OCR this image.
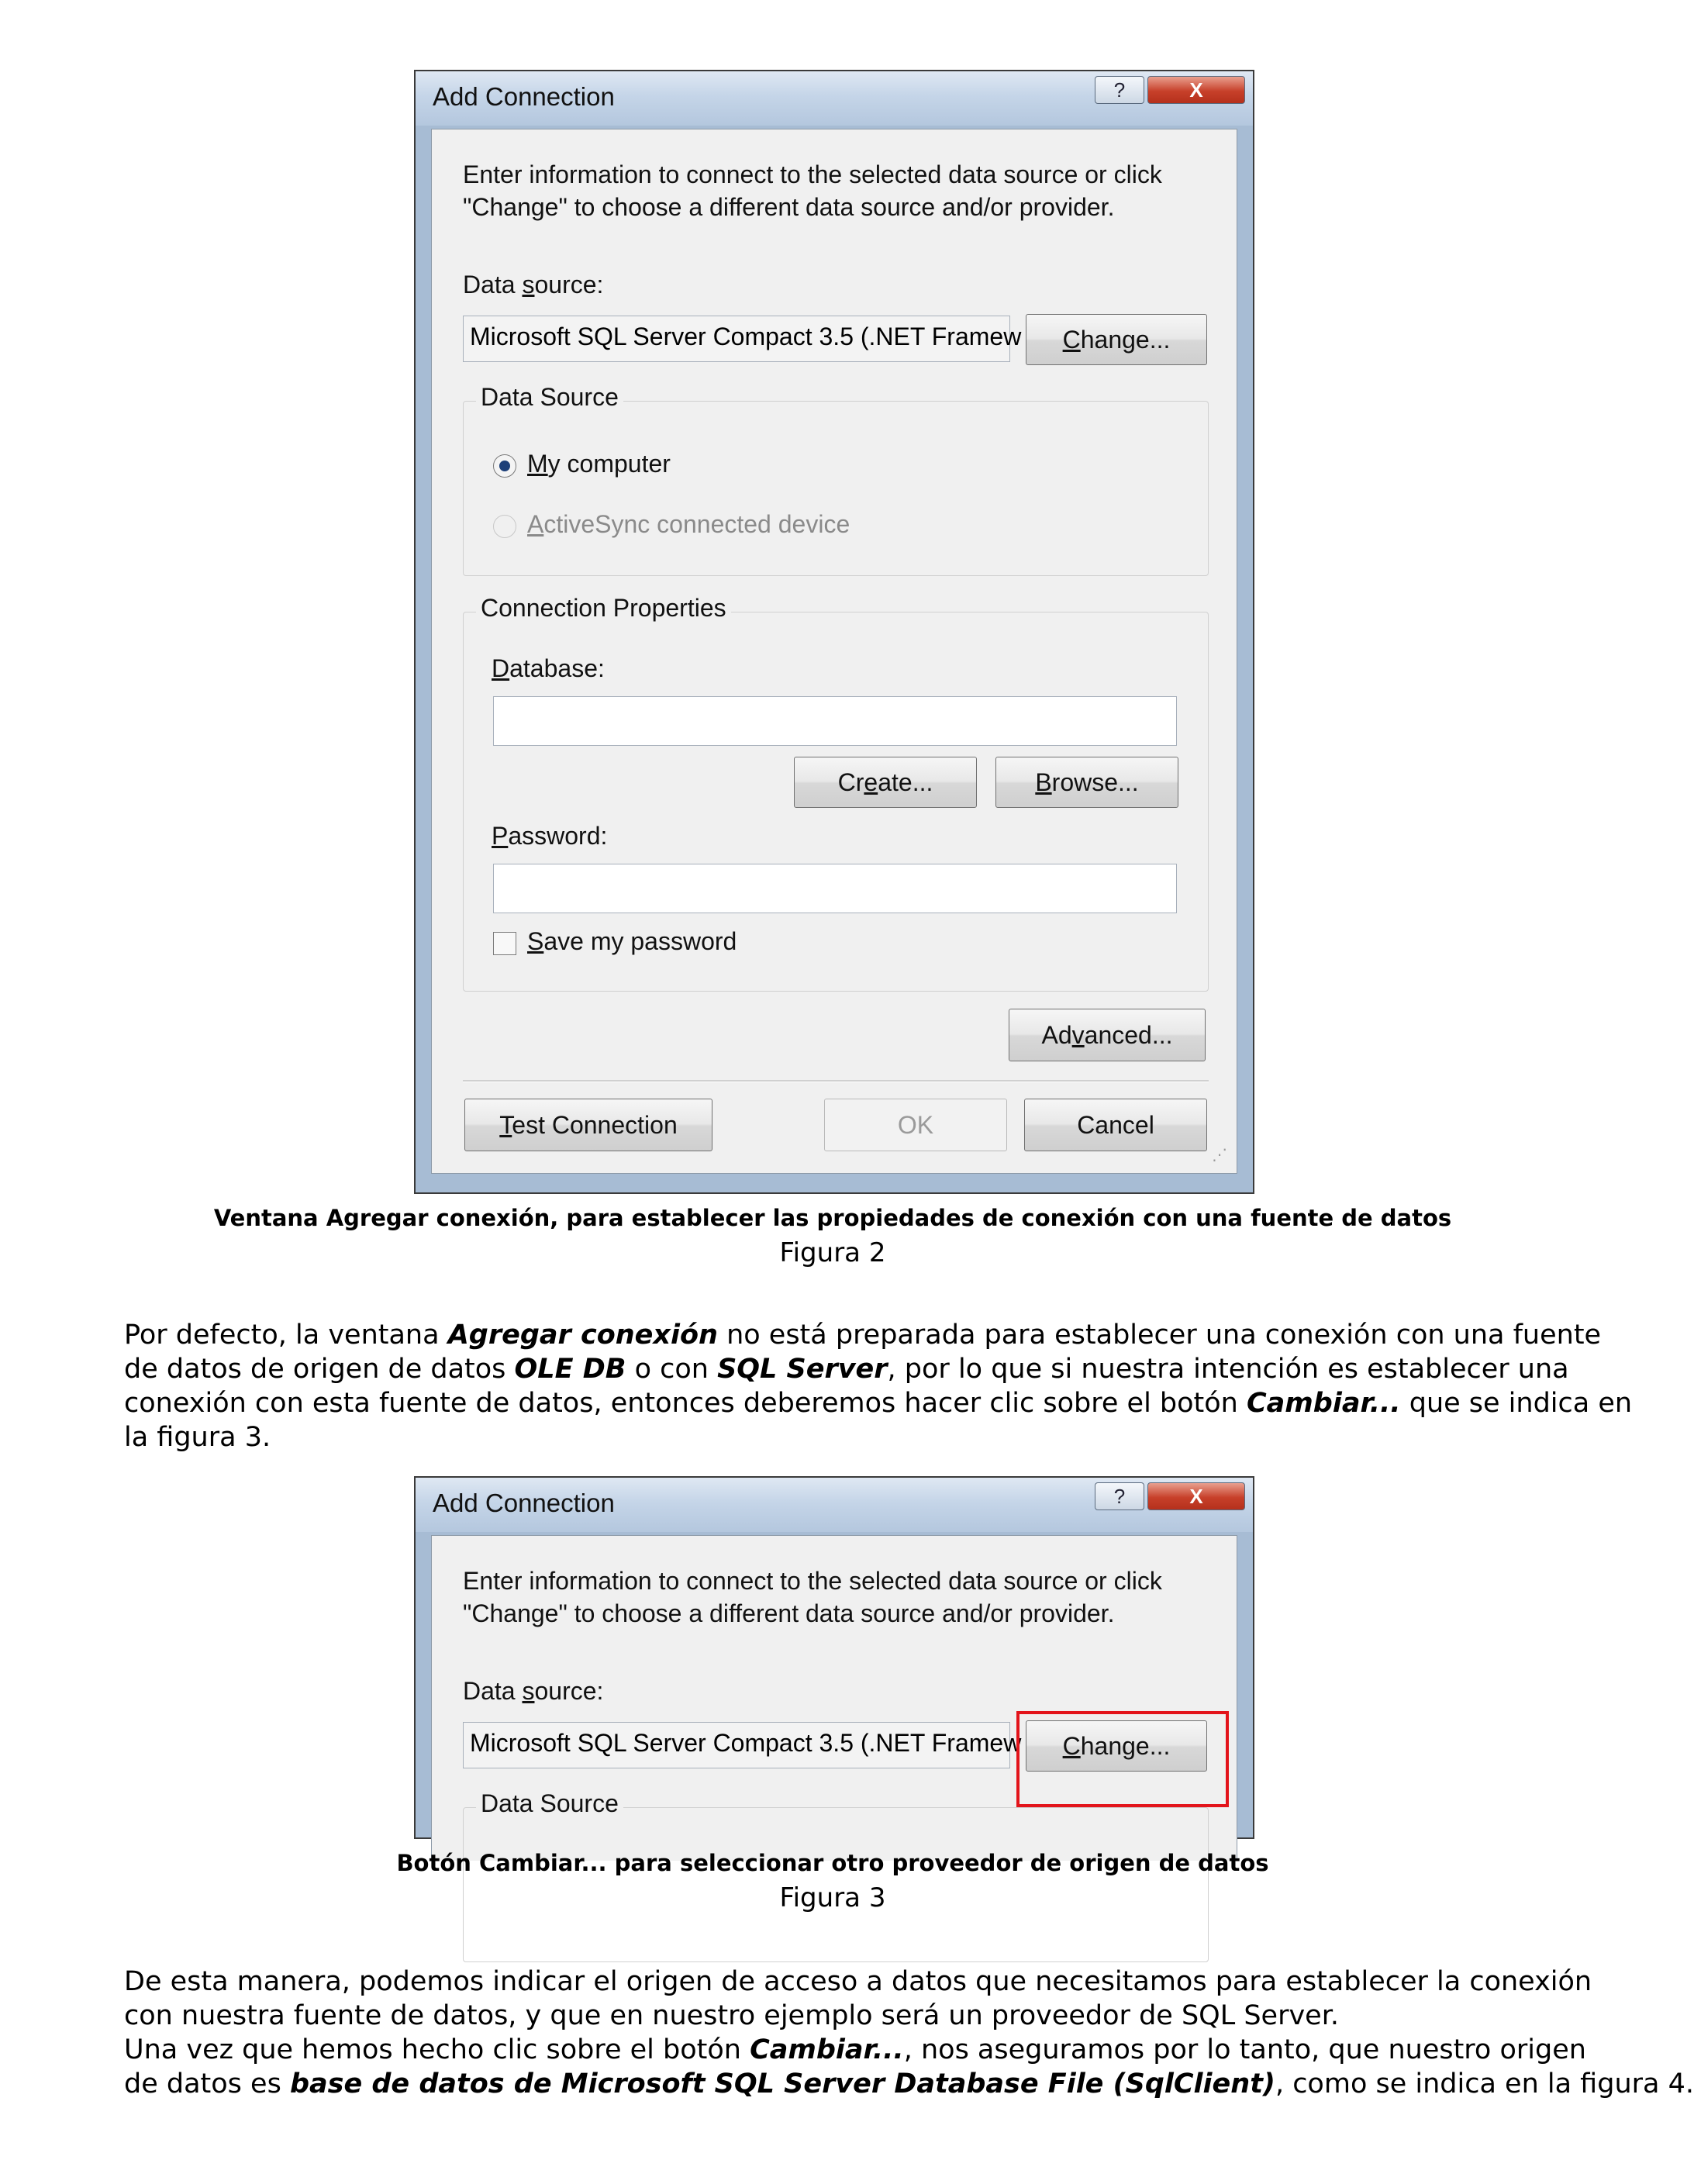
Add Connection	?	X
Enter information to connect to the selected data source or click
"Change" to choose a different data source and/or provider.
Data source:
Microsoft SQL Server Compact 3.5 (.NET Framew	Change...
Data Source
My computer
ActiveSync connected device
Connection Properties
Database:
Create...	Browse...
Password:
Save my password
Advanced...
Test Connection	OK	Cancel
⋰
Ventana Agregar conexión, para establecer las propiedades de conexión con una fuente de datos
Figura 2
Por defecto, la ventana Agregar conexión no está preparada para establecer una conexión con una fuente
de datos de origen de datos OLE DB o con SQL Server, por lo que si nuestra intención es establecer una
conexión con esta fuente de datos, entonces deberemos hacer clic sobre el botón Cambiar... que se indica en
la figura 3.
Add Connection	?	X
Enter information to connect to the selected data source or click
"Change" to choose a different data source and/or provider.
Data source:
Microsoft SQL Server Compact 3.5 (.NET Framew	Change...
Data Source
Botón Cambiar... para seleccionar otro proveedor de origen de datos
Figura 3
De esta manera, podemos indicar el origen de acceso a datos que necesitamos para establecer la conexión
con nuestra fuente de datos, y que en nuestro ejemplo será un proveedor de SQL Server.
Una vez que hemos hecho clic sobre el botón Cambiar..., nos aseguramos por lo tanto, que nuestro origen
de datos es base de datos de Microsoft SQL Server Database File (SqlClient), como se indica en la figura 4.
